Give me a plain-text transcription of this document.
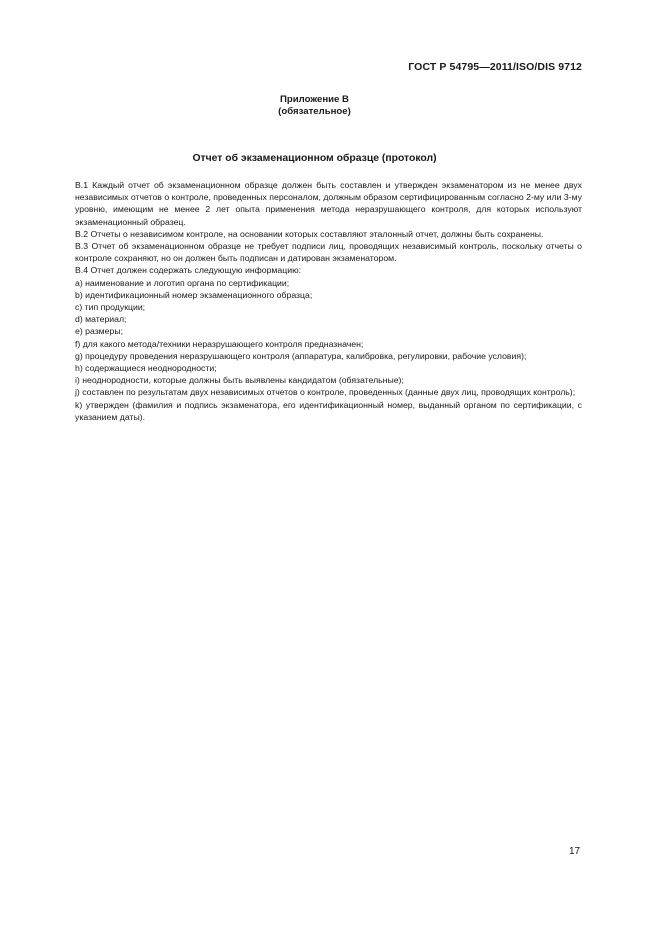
ГОСТ Р 54795—2011/ISO/DIS 9712
Приложение В
(обязательное)
Отчет об экзаменационном образце (протокол)

В.1 Каждый отчет об экзаменационном образце должен быть составлен и утвержден экзаменатором из не менее двух независимых отчетов о контроле, проведенных персоналом, должным образом сертифицированным согласно 2-му или 3-му уровню, имеющим не менее 2 лет опыта применения метода неразрушающего контроля, для которых используют экзаменационный образец.

В.2 Отчеты о независимом контроле, на основании которых составляют эталонный отчет, должны быть сохранены.

В.3 Отчет об экзаменационном образце не требует подписи лиц, проводящих независимый контроль, поскольку отчеты о контроле сохраняют, но он должен быть подписан и датирован экзаменатором.

В.4 Отчет должен содержать следующую информацию:

a) наименование и логотип органа по сертификации;

b) идентификационный номер экзаменационного образца;

c) тип продукции;

d) материал;

e) размеры;

f) для какого метода/техники неразрушающего контроля предназначен;

g) процедуру проведения неразрушающего контроля (аппаратура, калибровка, регулировки, рабочие условия);

h) содержащиеся неоднородности;

i) неоднородности, которые должны быть выявлены кандидатом (обязательные);

j) составлен по результатам двух независимых отчетов о контроле, проведенных (данные двух лиц, проводящих контроль);

k) утвержден (фамилия и подпись экзаменатора, его идентификационный номер, выданный органом по сертификации, с указанием даты).

17
